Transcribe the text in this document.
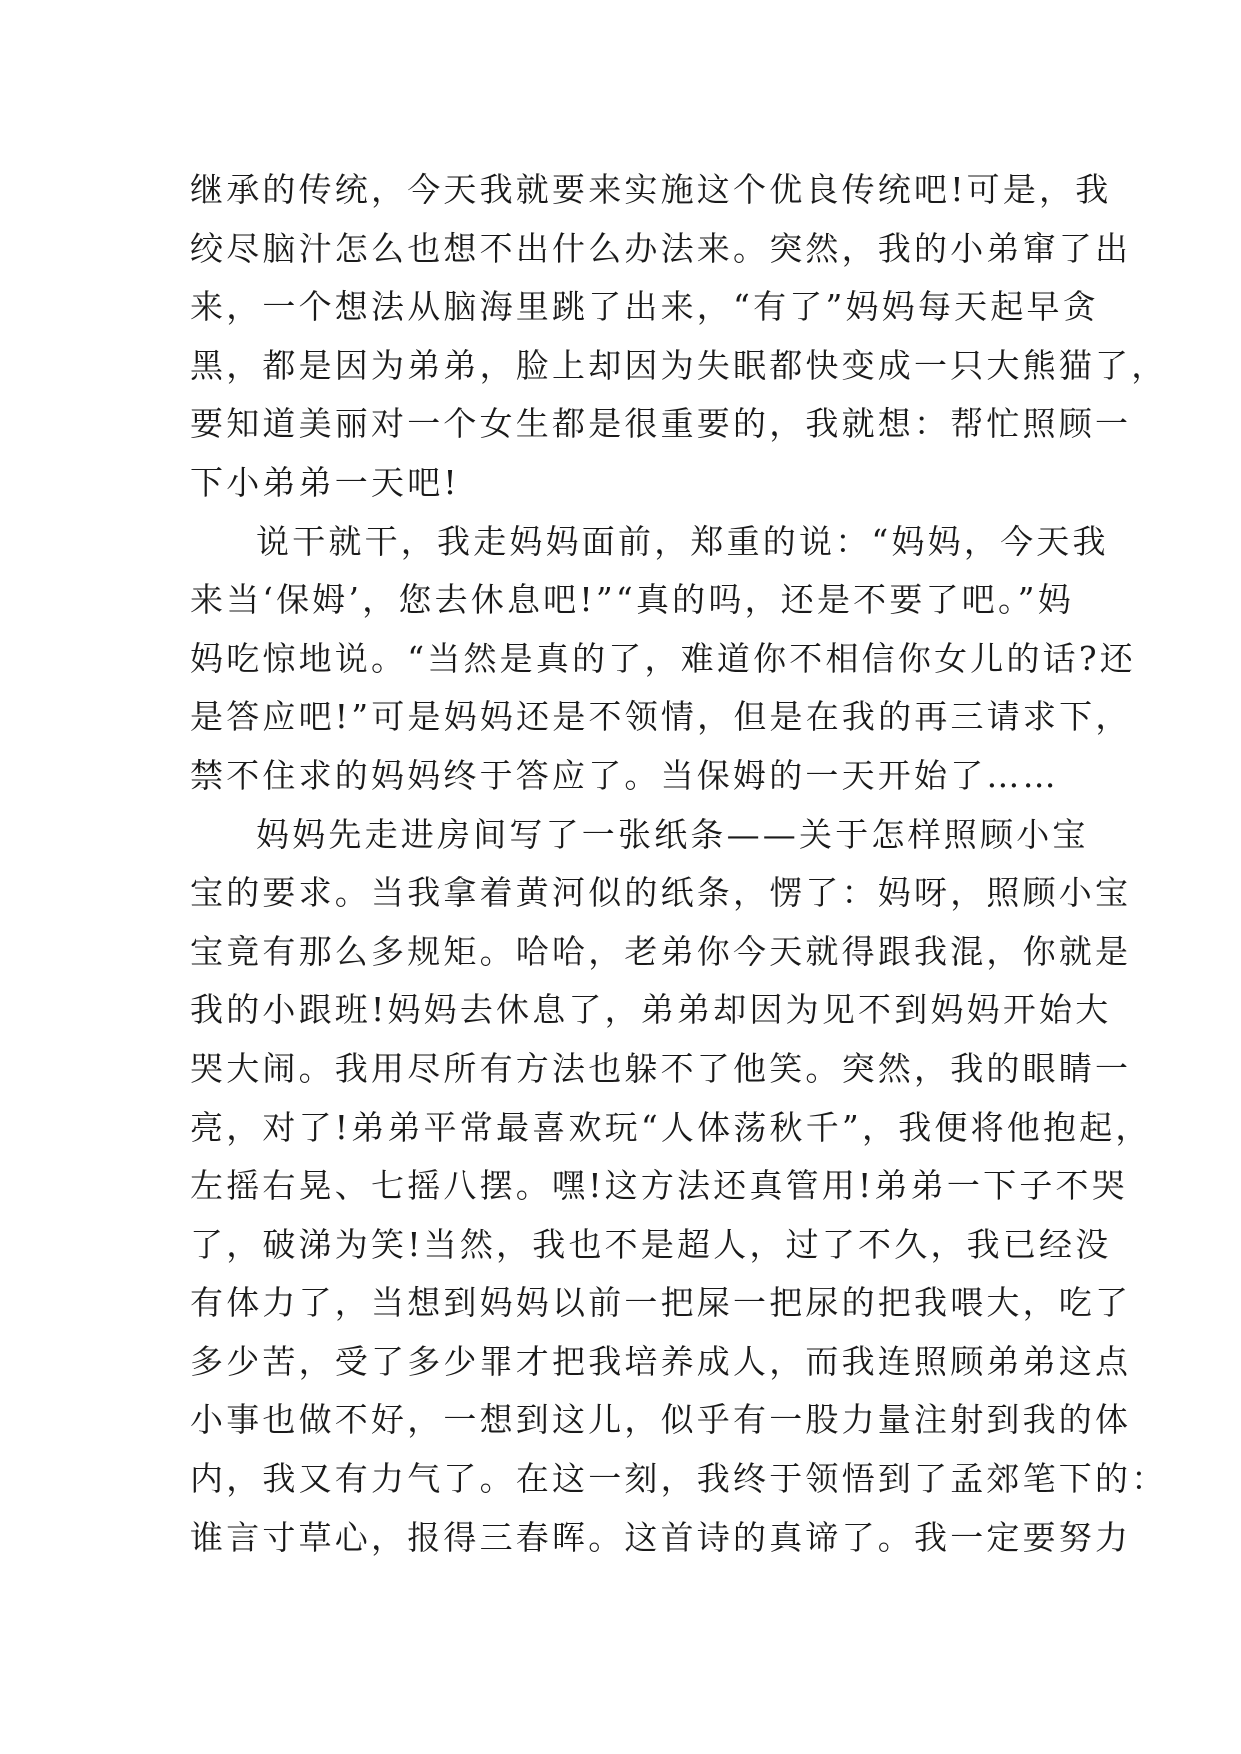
继承的传统，今天我就要来实施这个优良传统吧!可是，我
绞尽脑汁怎么也想不出什么办法来。突然，我的小弟窜了出
来，一个想法从脑海里跳了出来，“有了”妈妈每天起早贪
黑，都是因为弟弟，脸上却因为失眠都快变成一只大熊猫了，
要知道美丽对一个女生都是很重要的，我就想：帮忙照顾一
下小弟弟一天吧!
说干就干，我走妈妈面前，郑重的说：“妈妈，今天我
来当‘保姆’，您去休息吧!”“真的吗，还是不要了吧。”妈
妈吃惊地说。“当然是真的了，难道你不相信你女儿的话?还
是答应吧!”可是妈妈还是不领情，但是在我的再三请求下，
禁不住求的妈妈终于答应了。当保姆的一天开始了……
妈妈先走进房间写了一张纸条——关于怎样照顾小宝
宝的要求。当我拿着黄河似的纸条，愣了：妈呀，照顾小宝
宝竟有那么多规矩。哈哈，老弟你今天就得跟我混，你就是
我的小跟班!妈妈去休息了，弟弟却因为见不到妈妈开始大
哭大闹。我用尽所有方法也躲不了他笑。突然，我的眼睛一
亮，对了!弟弟平常最喜欢玩“人体荡秋千”，我便将他抱起，
左摇右晃、七摇八摆。嘿!这方法还真管用!弟弟一下子不哭
了，破涕为笑!当然，我也不是超人，过了不久，我已经没
有体力了，当想到妈妈以前一把屎一把尿的把我喂大，吃了
多少苦，受了多少罪才把我培养成人，而我连照顾弟弟这点
小事也做不好，一想到这儿，似乎有一股力量注射到我的体
内，我又有力气了。在这一刻，我终于领悟到了孟郊笔下的：
谁言寸草心，报得三春晖。这首诗的真谛了。我一定要努力
